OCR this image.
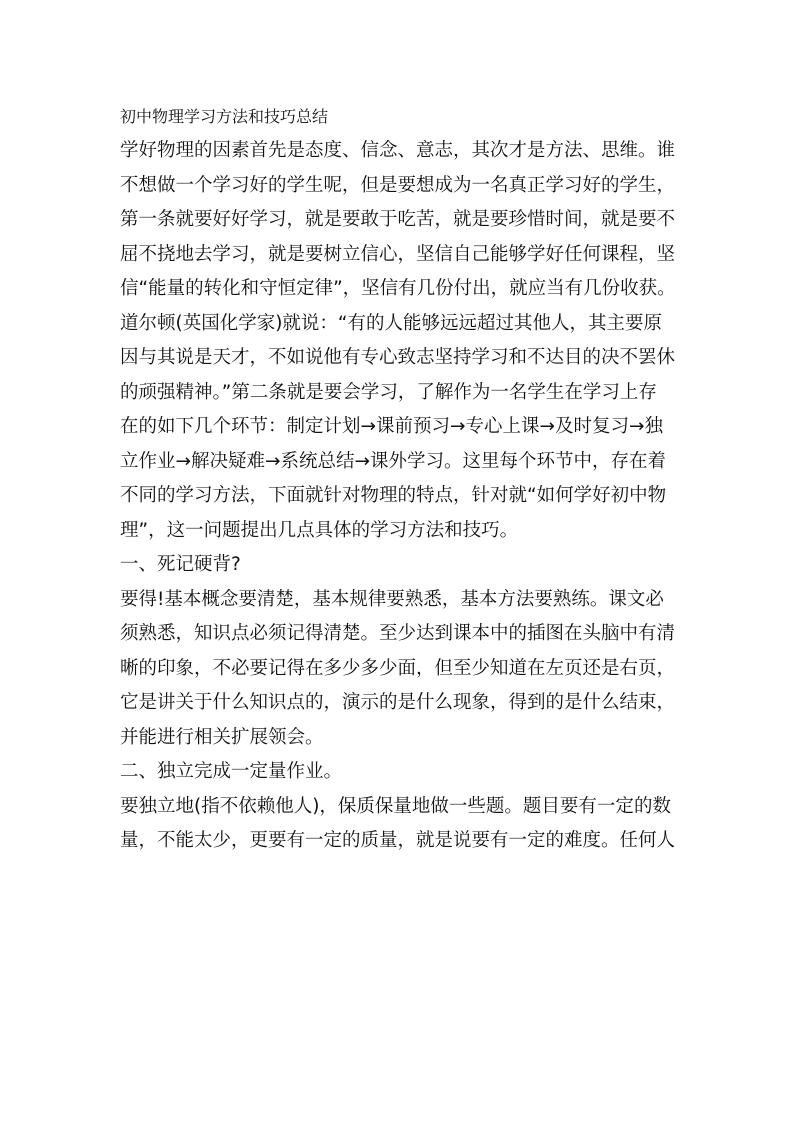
初中物理学习方法和技巧总结
学好物理的因素首先是态度、信念、意志，其次才是方法、思维。谁
不想做一个学习好的学生呢，但是要想成为一名真正学习好的学生，
第一条就要好好学习，就是要敢于吃苦，就是要珍惜时间，就是要不
屈不挠地去学习，就是要树立信心，坚信自己能够学好任何课程，坚
信“能量的转化和守恒定律”，坚信有几份付出，就应当有几份收获。
道尔顿(英国化学家)就说：“有的人能够远远超过其他人，其主要原
因与其说是天才，不如说他有专心致志坚持学习和不达目的决不罢休
的顽强精神。”第二条就是要会学习，了解作为一名学生在学习上存
在的如下几个环节：制定计划→课前预习→专心上课→及时复习→独
立作业→解决疑难→系统总结→课外学习。这里每个环节中，存在着
不同的学习方法，下面就针对物理的特点，针对就“如何学好初中物
理”，这一问题提出几点具体的学习方法和技巧。
一、死记硬背?
要得!基本概念要清楚，基本规律要熟悉，基本方法要熟练。课文必
须熟悉，知识点必须记得清楚。至少达到课本中的插图在头脑中有清
晰的印象，不必要记得在多少多少面，但至少知道在左页还是右页，
它是讲关于什么知识点的，演示的是什么现象，得到的是什么结束，
并能进行相关扩展领会。
二、独立完成一定量作业。
要独立地(指不依赖他人)，保质保量地做一些题。题目要有一定的数
量，不能太少，更要有一定的质量，就是说要有一定的难度。任何人
